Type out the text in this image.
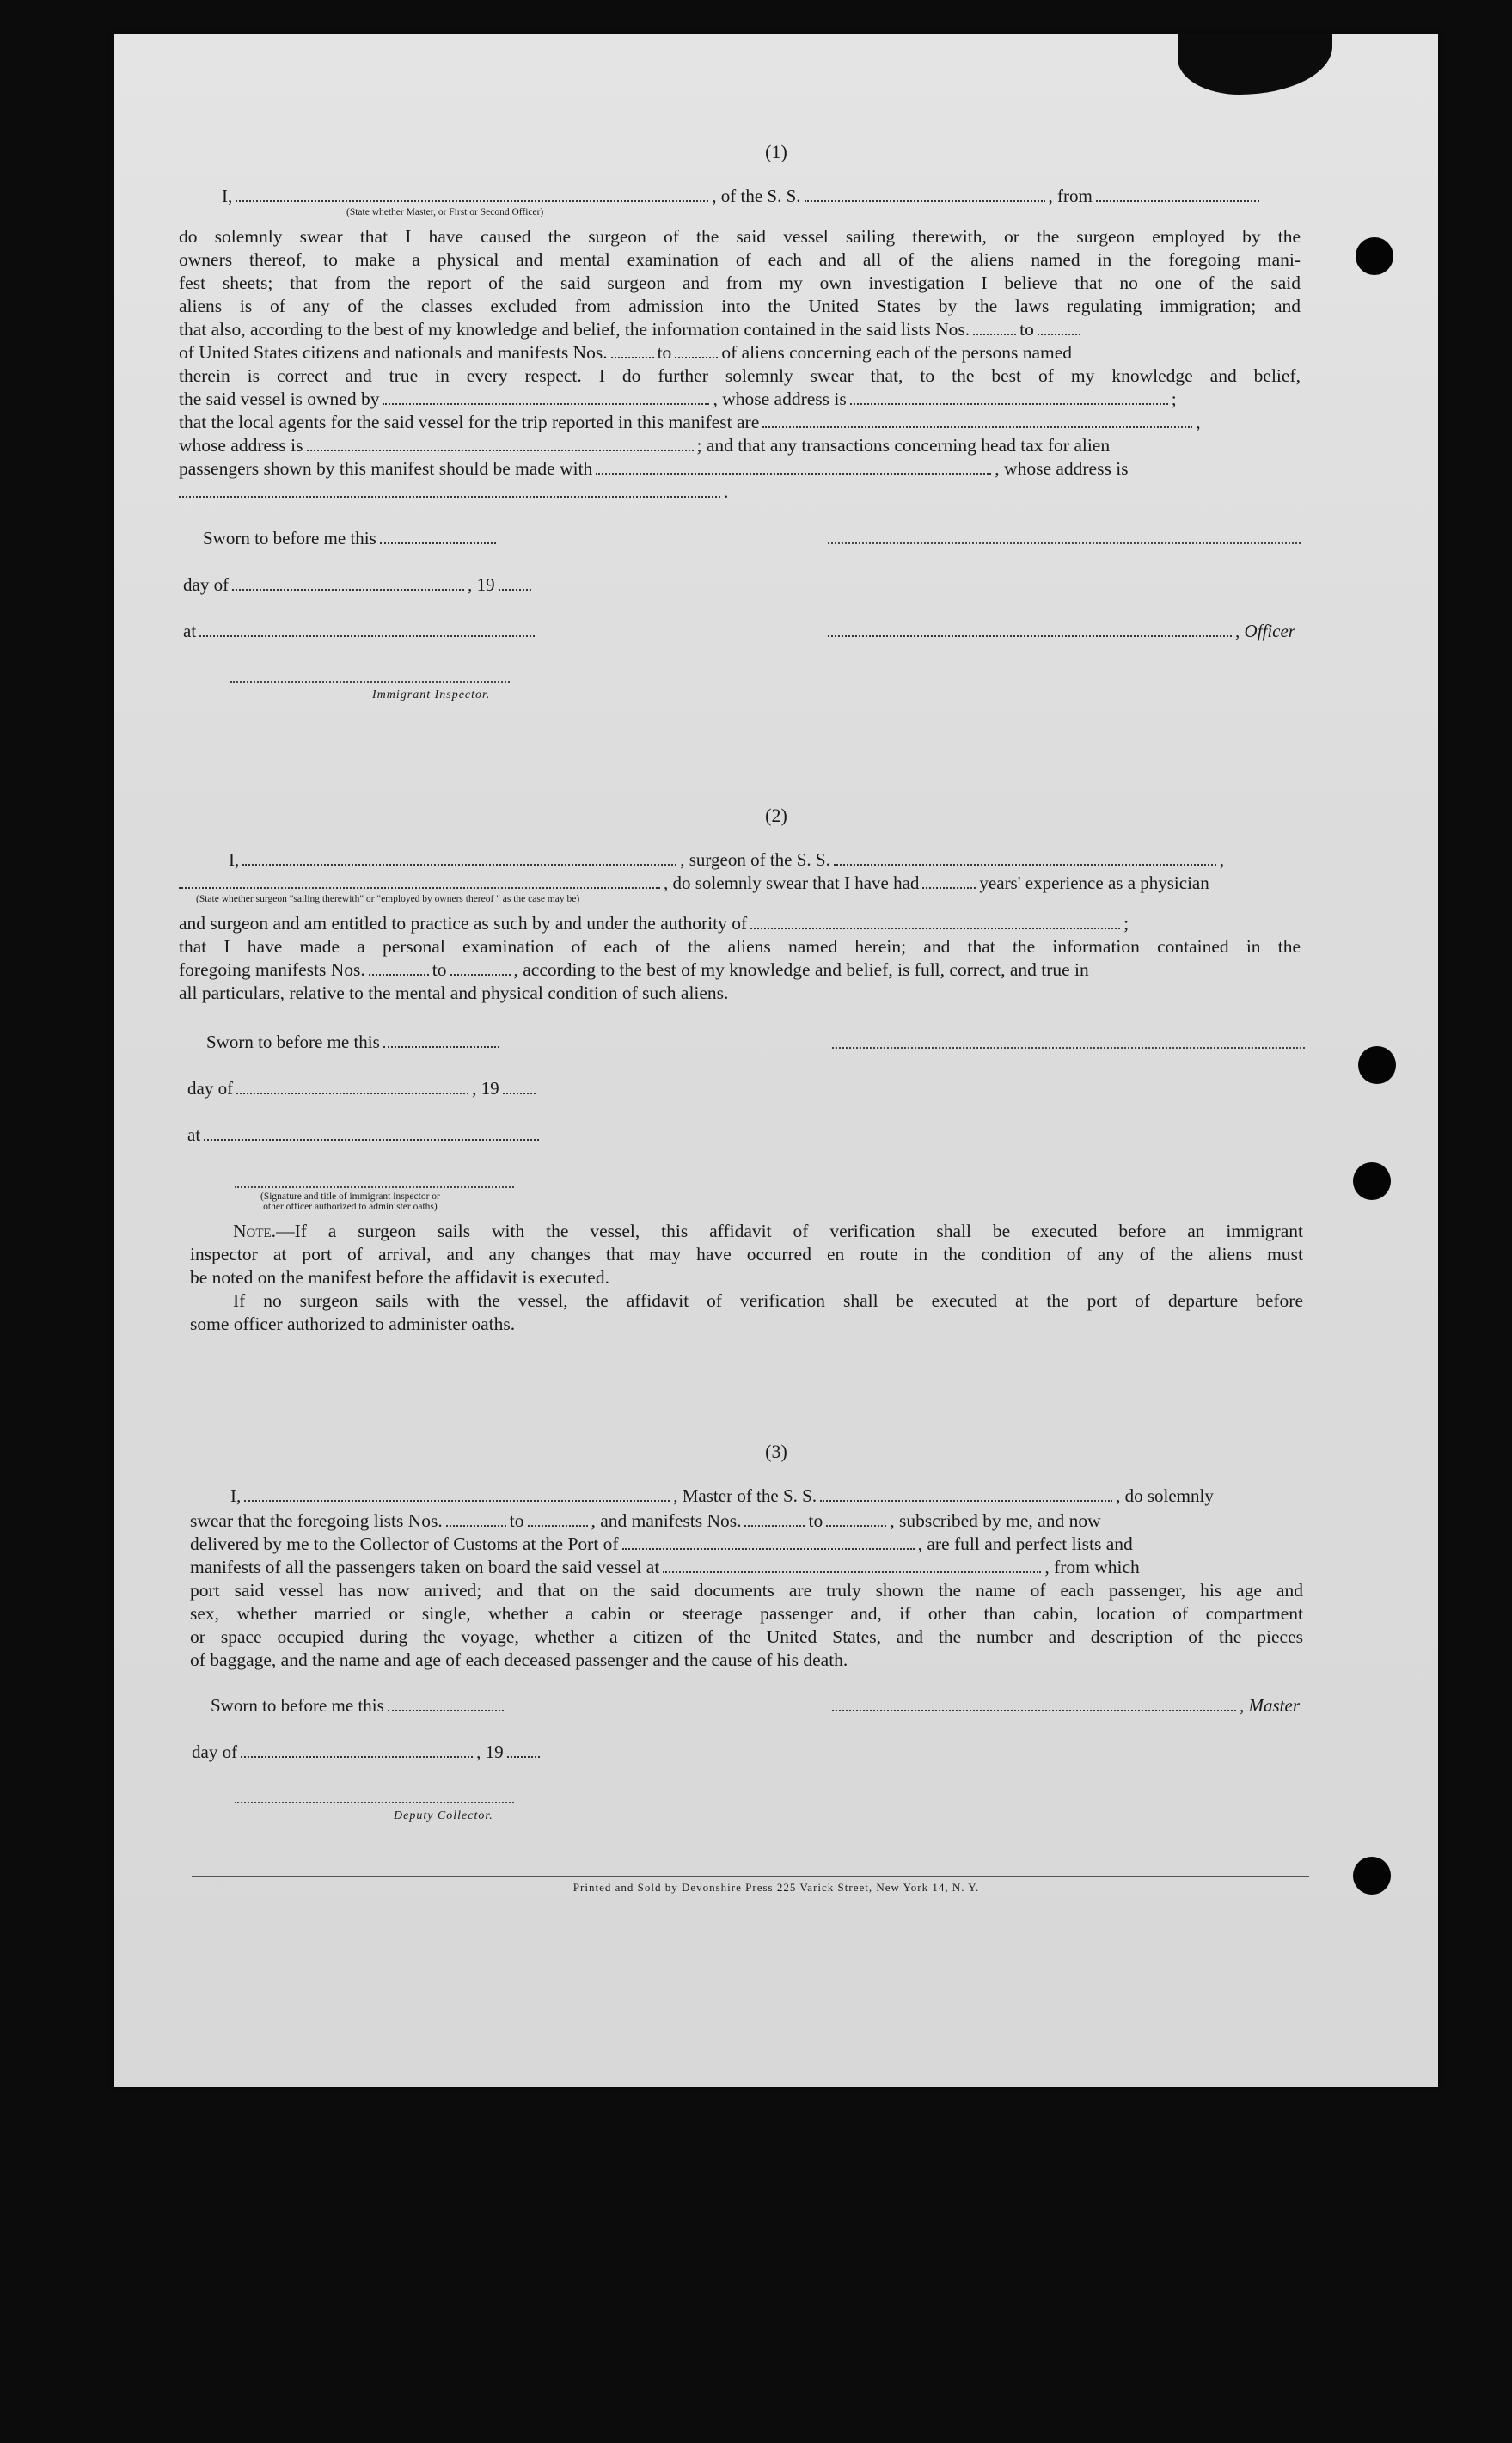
(1)
I,	, of the S. S.	, from
(State whether Master, or First or Second Officer)
do solemnly swear that I have caused the surgeon of the said vessel sailing therewith, or the surgeon employed by the
owners thereof, to make a physical and mental examination of each and all of the aliens named in the foregoing mani-
fest sheets; that from the report of the said surgeon and from my own investigation I believe that no one of the said
aliens is of any of the classes excluded from admission into the United States by the laws regulating immigration; and
that also, according to the best of my knowledge and belief, the information contained in the said lists Nos.	to
of United States citizens and nationals and manifests Nos.	to	of aliens concerning each of the persons named
therein is correct and true in every respect. I do further solemnly swear that, to the best of my knowledge and belief,
the said vessel is owned by	, whose address is	;
that the local agents for the said vessel for the trip reported in this manifest are	,
whose address is	; and that any transactions concerning head tax for alien
passengers shown by this manifest should be made with	, whose address is
.
Sworn to before me this
day of	, 19
at	, Officer
Immigrant Inspector.
(2)
I,	, surgeon of the S. S.	,
, do solemnly swear that I have had	years' experience as a physician
(State whether surgeon "sailing therewith" or "employed by owners thereof " as the case may be)
and surgeon and am entitled to practice as such by and under the authority of	;
that I have made a personal examination of each of the aliens named herein; and that the information contained in the
foregoing manifests Nos.	to	, according to the best of my knowledge and belief, is full, correct, and true in
all particulars, relative to the mental and physical condition of such aliens.
Sworn to before me this
day of	, 19
at
(Signature and title of immigrant inspector or
other officer authorized to administer oaths)
Note.—If a surgeon sails with the vessel, this affidavit of verification shall be executed before an immigrant
inspector at port of arrival, and any changes that may have occurred en route in the condition of any of the aliens must
be noted on the manifest before the affidavit is executed.
If no surgeon sails with the vessel, the affidavit of verification shall be executed at the port of departure before
some officer authorized to administer oaths.
(3)
I,	, Master of the S. S.	, do solemnly
swear that the foregoing lists Nos.	to	, and manifests Nos.	to	, subscribed by me, and now
delivered by me to the Collector of Customs at the Port of	, are full and perfect lists and
manifests of all the passengers taken on board the said vessel at	, from which
port said vessel has now arrived; and that on the said documents are truly shown the name of each passenger, his age and
sex, whether married or single, whether a cabin or steerage passenger and, if other than cabin, location of compartment
or space occupied during the voyage, whether a citizen of the United States, and the number and description of the pieces
of baggage, and the name and age of each deceased passenger and the cause of his death.
Sworn to before me this	, Master
day of	, 19
Deputy Collector.
Printed and Sold by Devonshire Press 225 Varick Street, New York 14, N. Y.
